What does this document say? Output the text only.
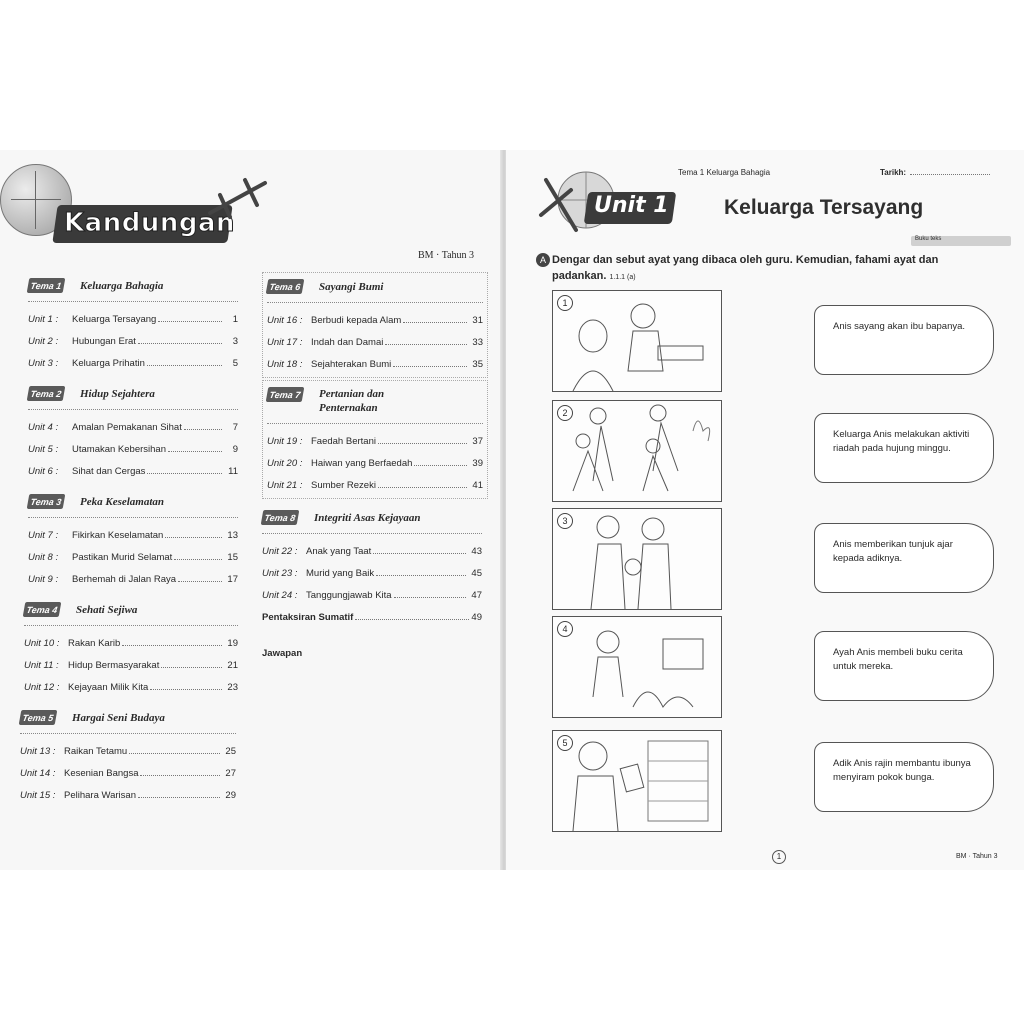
Kandungan
BM · Tahun 3
Tema 1 Keluarga Bahagia
Unit 1 :	Keluarga Tersayang	1
Unit 2 :	Hubungan Erat	3
Unit 3 :	Keluarga Prihatin	5
Tema 2 Hidup Sejahtera
Unit 4 :	Amalan Pemakanan Sihat	7
Unit 5 :	Utamakan Kebersihan	9
Unit 6 :	Sihat dan Cergas	11
Tema 3 Peka Keselamatan
Unit 7 :	Fikirkan Keselamatan	13
Unit 8 :	Pastikan Murid Selamat	15
Unit 9 :	Berhemah di Jalan Raya	17
Tema 4 Sehati Sejiwa
Unit 10 : Rakan Karib	19
Unit 11 : Hidup Bermasyarakat	21
Unit 12 : Kejayaan Milik Kita	23
Tema 5 Hargai Seni Budaya
Unit 13 : Raikan Tetamu	25
Unit 14 : Kesenian Bangsa	27
Unit 15 : Pelihara Warisan	29
Tema 6 Sayangi Bumi
Unit 16 : Berbudi kepada Alam	31
Unit 17 : Indah dan Damai	33
Unit 18 : Sejahterakan Bumi	35
Tema 7 Pertanian dan Penternakan
Unit 19 : Faedah Bertani	37
Unit 20 : Haiwan yang Berfaedah	39
Unit 21 : Sumber Rezeki	41
Tema 8 Integriti Asas Kejayaan
Unit 22 : Anak yang Taat	43
Unit 23 : Murid yang Baik	45
Unit 24 : Tanggungjawab Kita	47
Pentaksiran Sumatif	49
Jawapan
Unit 1
Tema 1 Keluarga Bahagia	Tarikh:
Keluarga Tersayang
Buku teks
A Dengar dan sebut ayat yang dibaca oleh guru. Kemudian, fahami ayat dan padankan. 1.1.1 (a)
1
2
3
4
5
Anis sayang akan ibu bapanya.
Keluarga Anis melakukan aktiviti riadah pada hujung minggu.
Anis memberikan tunjuk ajar kepada adiknya.
Ayah Anis membeli buku cerita untuk mereka.
Adik Anis rajin membantu ibunya menyiram pokok bunga.
1	BM · Tahun 3
